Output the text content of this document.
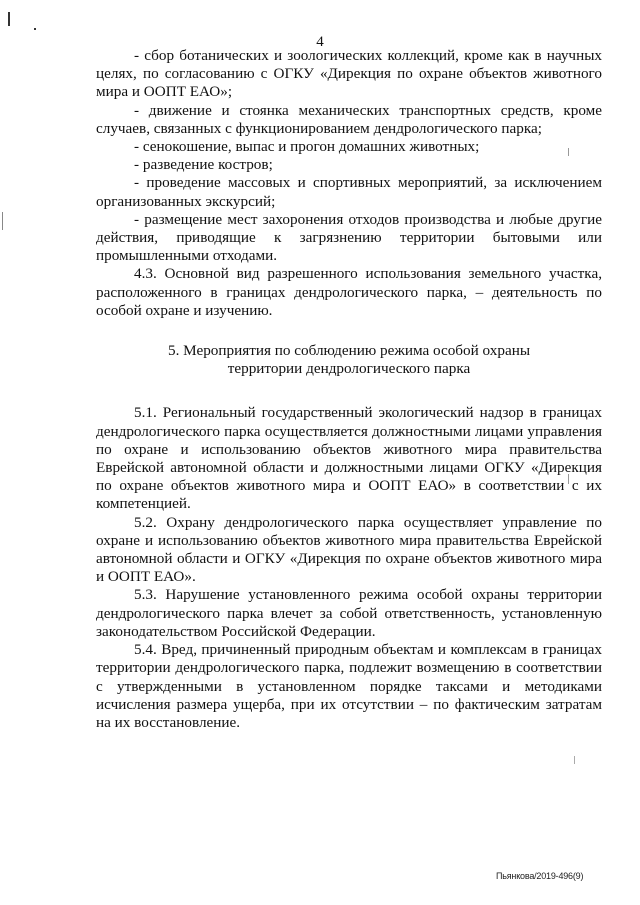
4

- сбор ботанических и зоологических коллекций, кроме как в научных целях, по согласованию с ОГКУ «Дирекция по охране объектов животного мира и ООПТ ЕАО»;

- движение и стоянка механических транспортных средств, кроме случаев, связанных с функционированием дендрологического парка;

- сенокошение, выпас и прогон домашних животных;

- разведение костров;

- проведение массовых и спортивных мероприятий, за исключением организованных экскурсий;

- размещение мест захоронения отходов производства и любые другие действия, приводящие к загрязнению территории бытовыми или промышленными отходами.

4.3. Основной вид разрешенного использования земельного участка, расположенного в границах дендрологического парка, – деятельность по особой охране и изучению.

5. Мероприятия по соблюдению режима особой охраны
территории дендрологического парка

5.1. Региональный государственный экологический надзор в границах дендрологического парка осуществляется должностными лицами управления по охране и использованию объектов животного мира правительства Еврейской автономной области и должностными лицами ОГКУ «Дирекция по охране объектов животного мира и ООПТ ЕАО» в соответствии с их компетенцией.

5.2. Охрану дендрологического парка осуществляет управление по охране и использованию объектов животного мира правительства Еврейской автономной области и ОГКУ «Дирекция по охране объектов животного мира и ООПТ ЕАО».

5.3. Нарушение установленного режима особой охраны территории дендрологического парка влечет за собой ответственность, установленную законодательством Российской Федерации.

5.4. Вред, причиненный природным объектам и комплексам в границах территории дендрологического парка, подлежит возмещению в соответствии с утвержденными в установленном порядке таксами и методиками исчисления размера ущерба, при их отсутствии – по фактическим затратам на их восстановление.

Пьянкова/2019-496(9)
